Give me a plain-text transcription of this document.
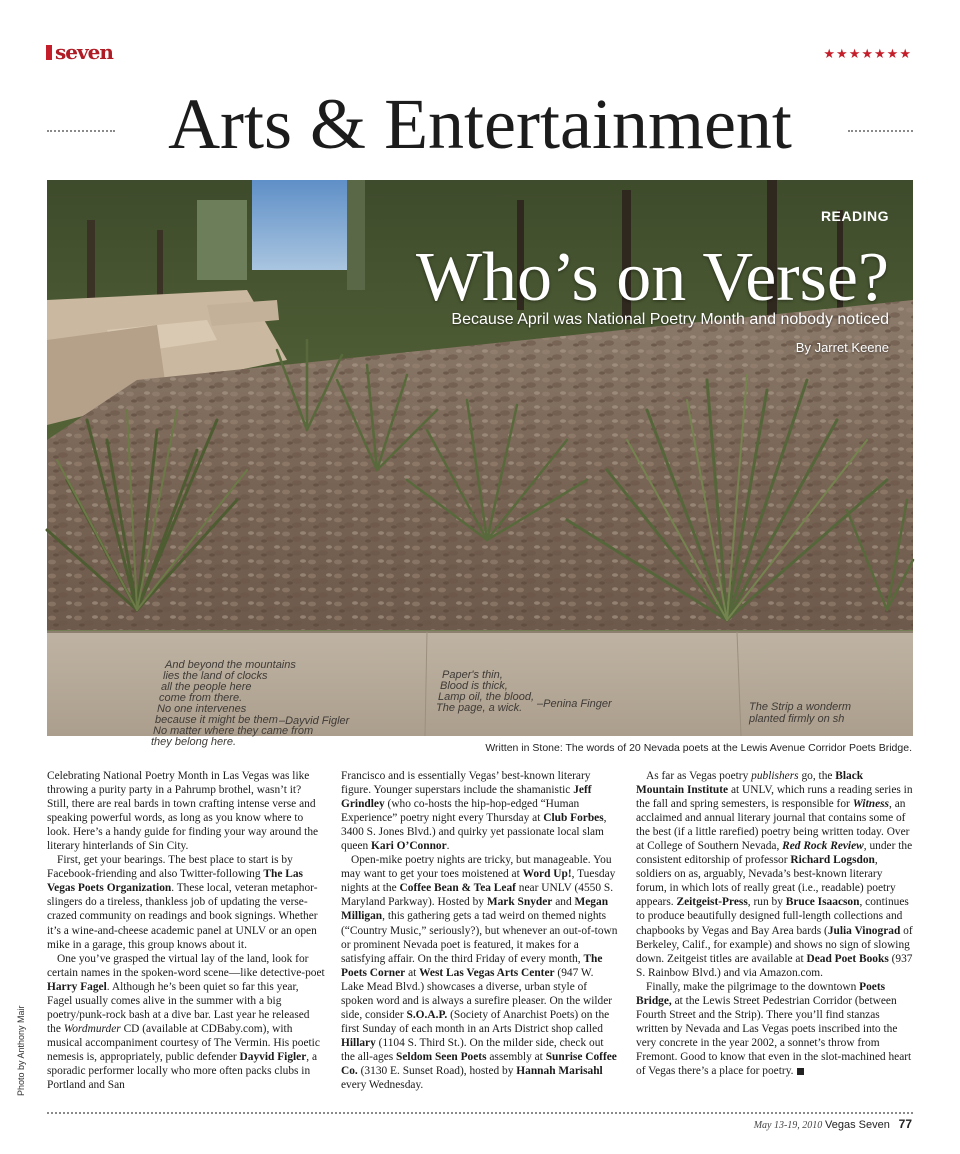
seven	★★★★★★★
Arts & Entertainment
And beyond the mountains
lies the land of clocks
all the people here
come from there.
No one intervenes
because it might be them
No matter where they came from
they belong here.
–Dayvid Figler
Paper's thin,
Blood is thick,
Lamp oil, the blood,
The page, a wick. –Penina Finger	The Strip a wonderm
planted firmly on sh
READING
Who’s on Verse?
Because April was National Poetry Month and nobody noticed
By Jarret Keene
Written in Stone: The words of 20 Nevada poets at the Lewis Avenue Corridor Poets Bridge.
Photo by Anthony Mair

Celebrating National Poetry Month in Las Vegas was like throwing a purity party in a Pahrump brothel, wasn’t it? Still, there are real bards in town crafting intense verse and speaking powerful words, as long as you know where to look. Here’s a handy guide for finding your way around the literary hinterlands of Sin City.

First, get your bearings. The best place to start is by Facebook-friending and also Twitter-following The Las Vegas Poets Organization. These local, veteran metaphor-slingers do a tireless, thankless job of updating the verse-crazed community on readings and book signings. Whether it’s a wine-and-cheese academic panel at UNLV or an open mike in a garage, this group knows about it.

One you’ve grasped the virtual lay of the land, look for certain names in the spoken-word scene—like detective-poet Harry Fagel. Although he’s been quiet so far this year, Fagel usually comes alive in the summer with a big poetry/punk-rock bash at a dive bar. Last year he released the Wordmurder CD (available at CDBaby.com), with musical accompaniment courtesy of The Vermin. His poetic nemesis is, appropriately, public defender Dayvid Figler, a sporadic performer locally who more often packs clubs in Portland and San

Francisco and is essentially Vegas’ best-known literary figure. Younger superstars include the shamanistic Jeff Grindley (who co-hosts the hip-hop-edged “Human Experience” poetry night every Thursday at Club Forbes, 3400 S. Jones Blvd.) and quirky yet passionate local slam queen Kari O’Connor.

Open-mike poetry nights are tricky, but manageable. You may want to get your toes moistened at Word Up!, Tuesday nights at the Coffee Bean & Tea Leaf near UNLV (4550 S. Maryland Parkway). Hosted by Mark Snyder and Megan Milligan, this gathering gets a tad weird on themed nights (“Country Music,” seriously?), but whenever an out-of-town or prominent Nevada poet is featured, it makes for a satisfying affair. On the third Friday of every month, The Poets Corner at West Las Vegas Arts Center (947 W. Lake Mead Blvd.) showcases a diverse, urban style of spoken word and is always a surefire pleaser. On the wilder side, consider S.O.A.P. (Society of Anarchist Poets) on the first Sunday of each month in an Arts District shop called Hillary (1104 S. Third St.). On the milder side, check out the all-ages Seldom Seen Poets assembly at Sunrise Coffee Co. (3130 E. Sunset Road), hosted by Hannah Marisahl every Wednesday.

As far as Vegas poetry publishers go, the Black Mountain Institute at UNLV, which runs a reading series in the fall and spring semesters, is responsible for Witness, an acclaimed and annual literary journal that contains some of the best (if a little rarefied) poetry being written today. Over at College of Southern Nevada, Red Rock Review, under the consistent editorship of professor Richard Logsdon, soldiers on as, arguably, Nevada’s best-known literary forum, in which lots of really great (i.e., readable) poetry appears. Zeitgeist-Press, run by Bruce Isaacson, continues to produce beautifully designed full-length collections and chapbooks by Vegas and Bay Area bards (Julia Vinograd of Berkeley, Calif., for example) and shows no sign of slowing down. Zeitgeist titles are available at Dead Poet Books (937 S. Rainbow Blvd.) and via Amazon.com.

Finally, make the pilgrimage to the downtown Poets Bridge, at the Lewis Street Pedestrian Corridor (between Fourth Street and the Strip). There you’ll find stanzas written by Nevada and Las Vegas poets inscribed into the very concrete in the year 2002, a sonnet’s throw from Fremont. Good to know that even in the slot-machined heart of Vegas there’s a place for poetry.

May 13-19, 2010 Vegas Seven 77
